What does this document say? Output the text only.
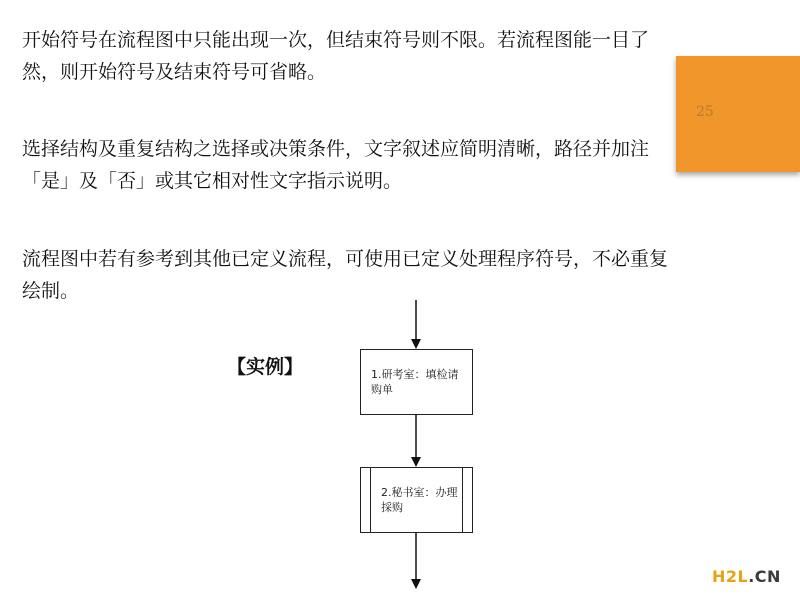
开始符号在流程图中只能出现一次，但结束符号则不限。若流程图能一目了然，则开始符号及结束符号可省略。

选择结构及重复结构之选择或决策条件，文字叙述应简明清晰，路径并加注「是」及「否」或其它相对性文字指示说明。

流程图中若有参考到其他已定义流程，可使用已定义处理程序符号，不必重复绘制。

25
【实例】	1.研考室：填检请购单
2.秘书室：办理採购
H2L.CN
